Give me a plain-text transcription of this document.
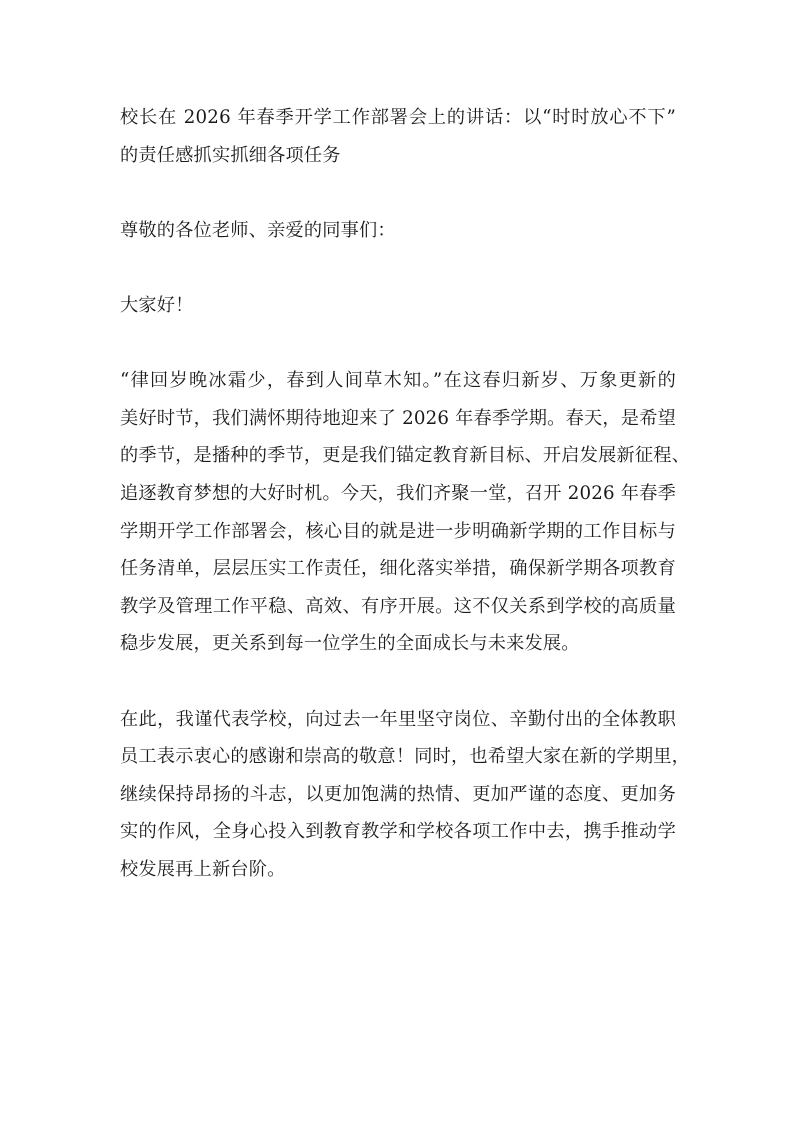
校长在 2026 年春季开学工作部署会上的讲话：以“时时放心不下”
的责任感抓实抓细各项任务

尊敬的各位老师、亲爱的同事们：

大家好！

“律回岁晚冰霜少，春到人间草木知。”在这春归新岁、万象更新的
美好时节，我们满怀期待地迎来了 2026 年春季学期。春天，是希望
的季节，是播种的季节，更是我们锚定教育新目标、开启发展新征程、
追逐教育梦想的大好时机。今天，我们齐聚一堂，召开 2026 年春季
学期开学工作部署会，核心目的就是进一步明确新学期的工作目标与
任务清单，层层压实工作责任，细化落实举措，确保新学期各项教育
教学及管理工作平稳、高效、有序开展。这不仅关系到学校的高质量
稳步发展，更关系到每一位学生的全面成长与未来发展。

在此，我谨代表学校，向过去一年里坚守岗位、辛勤付出的全体教职
员工表示衷心的感谢和崇高的敬意！同时，也希望大家在新的学期里，
继续保持昂扬的斗志，以更加饱满的热情、更加严谨的态度、更加务
实的作风，全身心投入到教育教学和学校各项工作中去，携手推动学
校发展再上新台阶。
